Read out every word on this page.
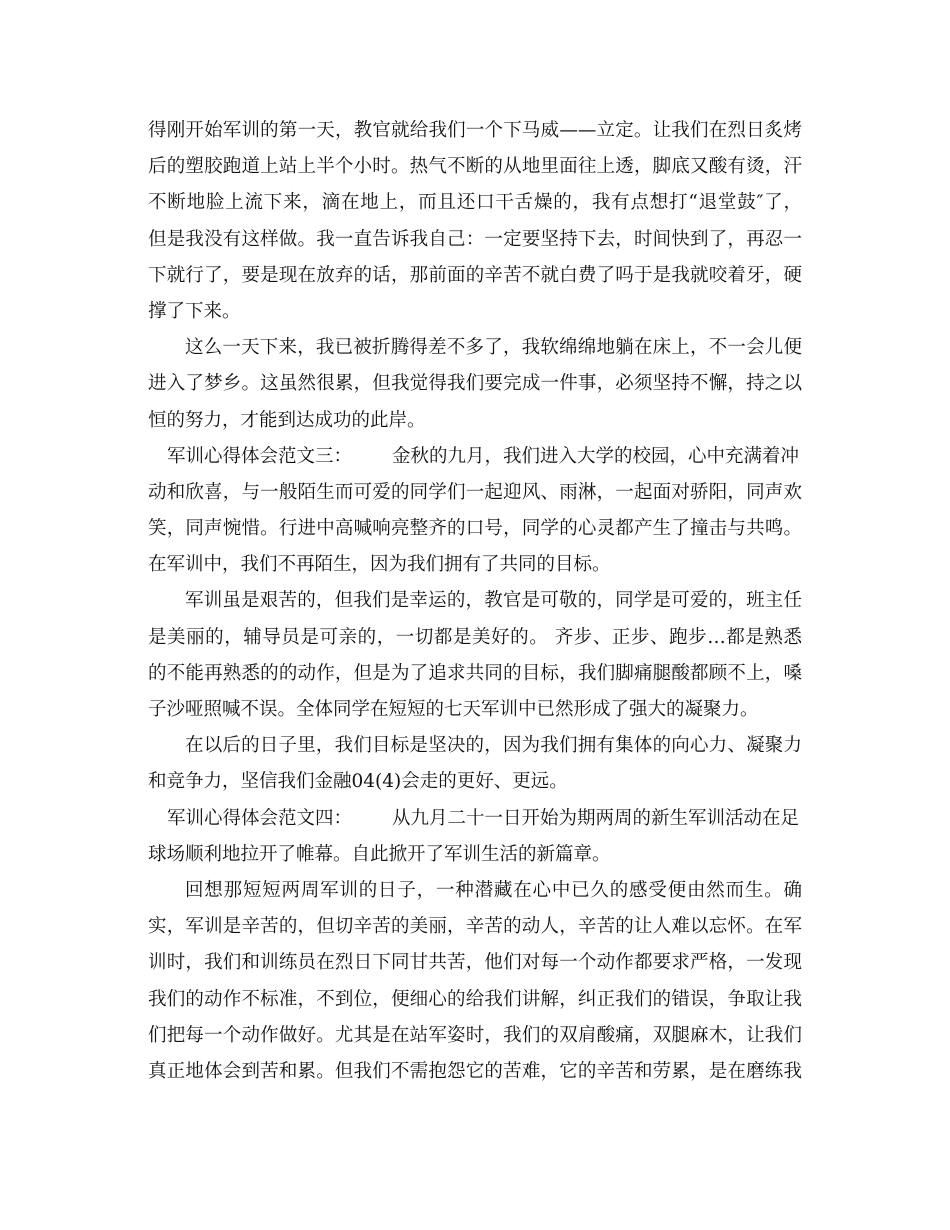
得刚开始军训的第一天，教官就给我们一个下马威——立定。让我们在烈日炙烤
后的塑胶跑道上站上半个小时。热气不断的从地里面往上透，脚底又酸有烫，汗
不断地脸上流下来，滴在地上，而且还口干舌燥的，我有点想打“退堂鼓″了，
但是我没有这样做。我一直告诉我自己：一定要坚持下去，时间快到了，再忍一
下就行了，要是现在放弃的话，那前面的辛苦不就白费了吗于是我就咬着牙，硬
撑了下来。
这么一天下来，我已被折腾得差不多了，我软绵绵地躺在床上，不一会儿便
进入了梦乡。这虽然很累，但我觉得我们要完成一件事，必须坚持不懈，持之以
恒的努力，才能到达成功的此岸。
军训心得体会范文三： 金秋的九月，我们进入大学的校园，心中充满着冲
动和欣喜，与一般陌生而可爱的同学们一起迎风、雨淋，一起面对骄阳，同声欢
笑，同声惋惜。行进中高喊响亮整齐的口号，同学的心灵都产生了撞击与共鸣。
在军训中，我们不再陌生，因为我们拥有了共同的目标。
军训虽是艰苦的，但我们是幸运的，教官是可敬的，同学是可爱的，班主任
是美丽的，辅导员是可亲的，一切都是美好的。 齐步、正步、跑步…都是熟悉
的不能再熟悉的的动作，但是为了追求共同的目标，我们脚痛腿酸都顾不上，嗓
子沙哑照喊不误。全体同学在短短的七天军训中已然形成了强大的凝聚力。
在以后的日子里，我们目标是坚决的，因为我们拥有集体的向心力、凝聚力
和竞争力，坚信我们金融04(4)会走的更好、更远。
军训心得体会范文四： 从九月二十一日开始为期两周的新生军训活动在足
球场顺利地拉开了帷幕。自此掀开了军训生活的新篇章。
回想那短短两周军训的日子，一种潜藏在心中已久的感受便由然而生。确
实，军训是辛苦的，但切辛苦的美丽，辛苦的动人，辛苦的让人难以忘怀。在军
训时，我们和训练员在烈日下同甘共苦，他们对每一个动作都要求严格，一发现
我们的动作不标准，不到位，便细心的给我们讲解，纠正我们的错误，争取让我
们把每一个动作做好。尤其是在站军姿时，我们的双肩酸痛，双腿麻木，让我们
真正地体会到苦和累。但我们不需抱怨它的苦难，它的辛苦和劳累，是在磨练我
